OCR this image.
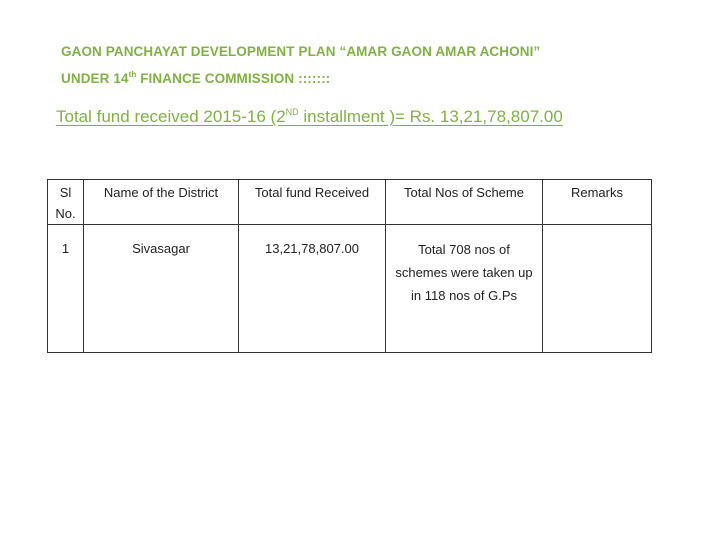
GAON PANCHAYAT DEVELOPMENT PLAN “AMAR GAON AMAR ACHONI”
UNDER 14th FINANCE COMMISSION :::::::
Total fund received 2015-16 (2ND installment )= Rs. 13,21,78,807.00
Sl No.	Name of the District	Total fund Received	Total Nos of Scheme	Remarks
1	Sivasagar	13,21,78,807.00	Total 708 nos of schemes were taken up in 118 nos of G.Ps	
